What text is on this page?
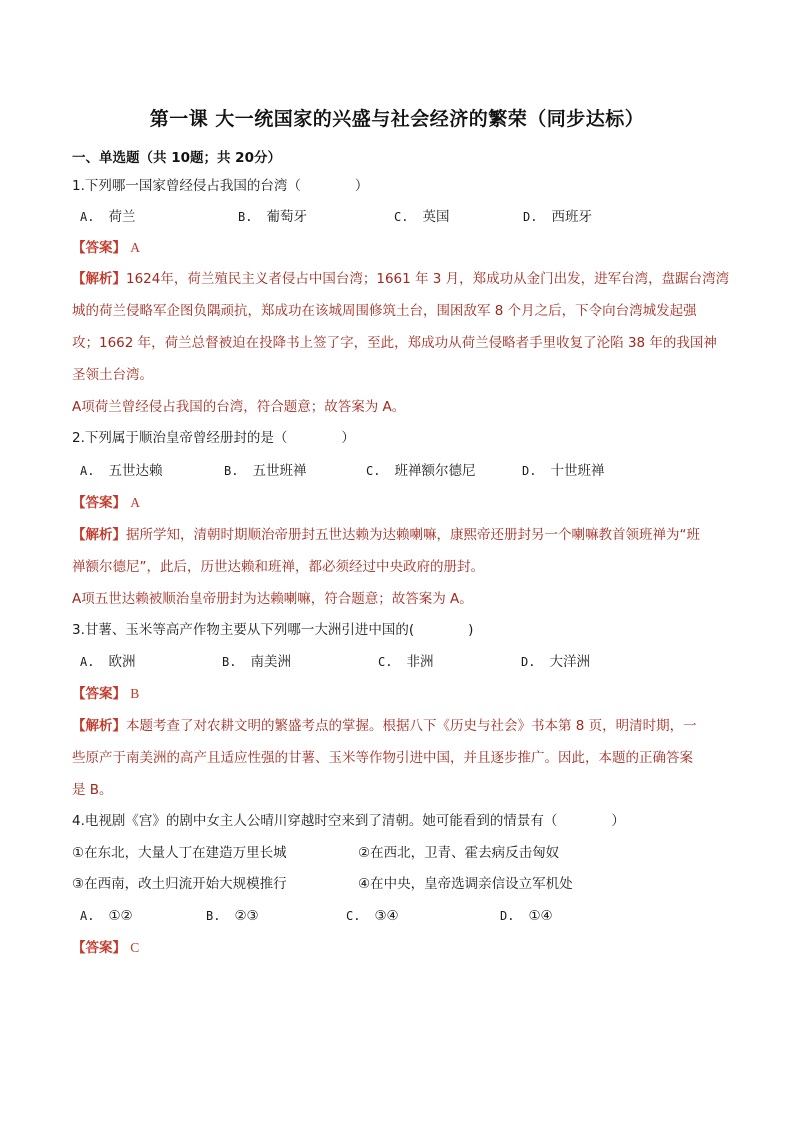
第一课 大一统国家的兴盛与社会经济的繁荣（同步达标）
一、单选题（共 10题；共 20分）
1.下列哪一国家曾经侵占我国的台湾（　　　　）
A. 荷兰	B. 葡萄牙	C. 英国	D. 西班牙
【答案】 A
【解析】1624年，荷兰殖民主义者侵占中国台湾；1661 年 3 月，郑成功从金门出发，进军台湾，盘踞台湾湾
城的荷兰侵略军企图负隅顽抗，郑成功在该城周围修筑土台，围困敌军 8 个月之后，下令向台湾城发起强
攻；1662 年，荷兰总督被迫在投降书上签了字，至此，郑成功从荷兰侵略者手里收复了沦陷 38 年的我国神
圣领土台湾。
A项荷兰曾经侵占我国的台湾，符合题意；故答案为 A。
2.下列属于顺治皇帝曾经册封的是（　　　　）
A. 五世达赖	B. 五世班禅	C. 班禅额尔德尼	D. 十世班禅
【答案】 A
【解析】据所学知，清朝时期顺治帝册封五世达赖为达赖喇嘛，康熙帝还册封另一个喇嘛教首领班禅为“班
禅额尔德尼”，此后，历世达赖和班禅，都必须经过中央政府的册封。
A项五世达赖被顺治皇帝册封为达赖喇嘛，符合题意；故答案为 A。
3.甘薯、玉米等高产作物主要从下列哪一大洲引进中国的(　　　　)
A. 欧洲	B. 南美洲	C. 非洲	D. 大洋洲
【答案】 B
【解析】本题考查了对农耕文明的繁盛考点的掌握。根据八下《历史与社会》书本第 8 页，明清时期，一
些原产于南美洲的高产且适应性强的甘薯、玉米等作物引进中国，并且逐步推广。因此，本题的正确答案
是 B。
4.电视剧《宫》的剧中女主人公晴川穿越时空来到了清朝。她可能看到的情景有（　　　　）
①在东北，大量人丁在建造万里长城	②在西北，卫青、霍去病反击匈奴
③在西南，改土归流开始大规模推行	④在中央，皇帝选调亲信设立军机处
A. ①②	B. ②③	C. ③④	D. ①④
【答案】 C
